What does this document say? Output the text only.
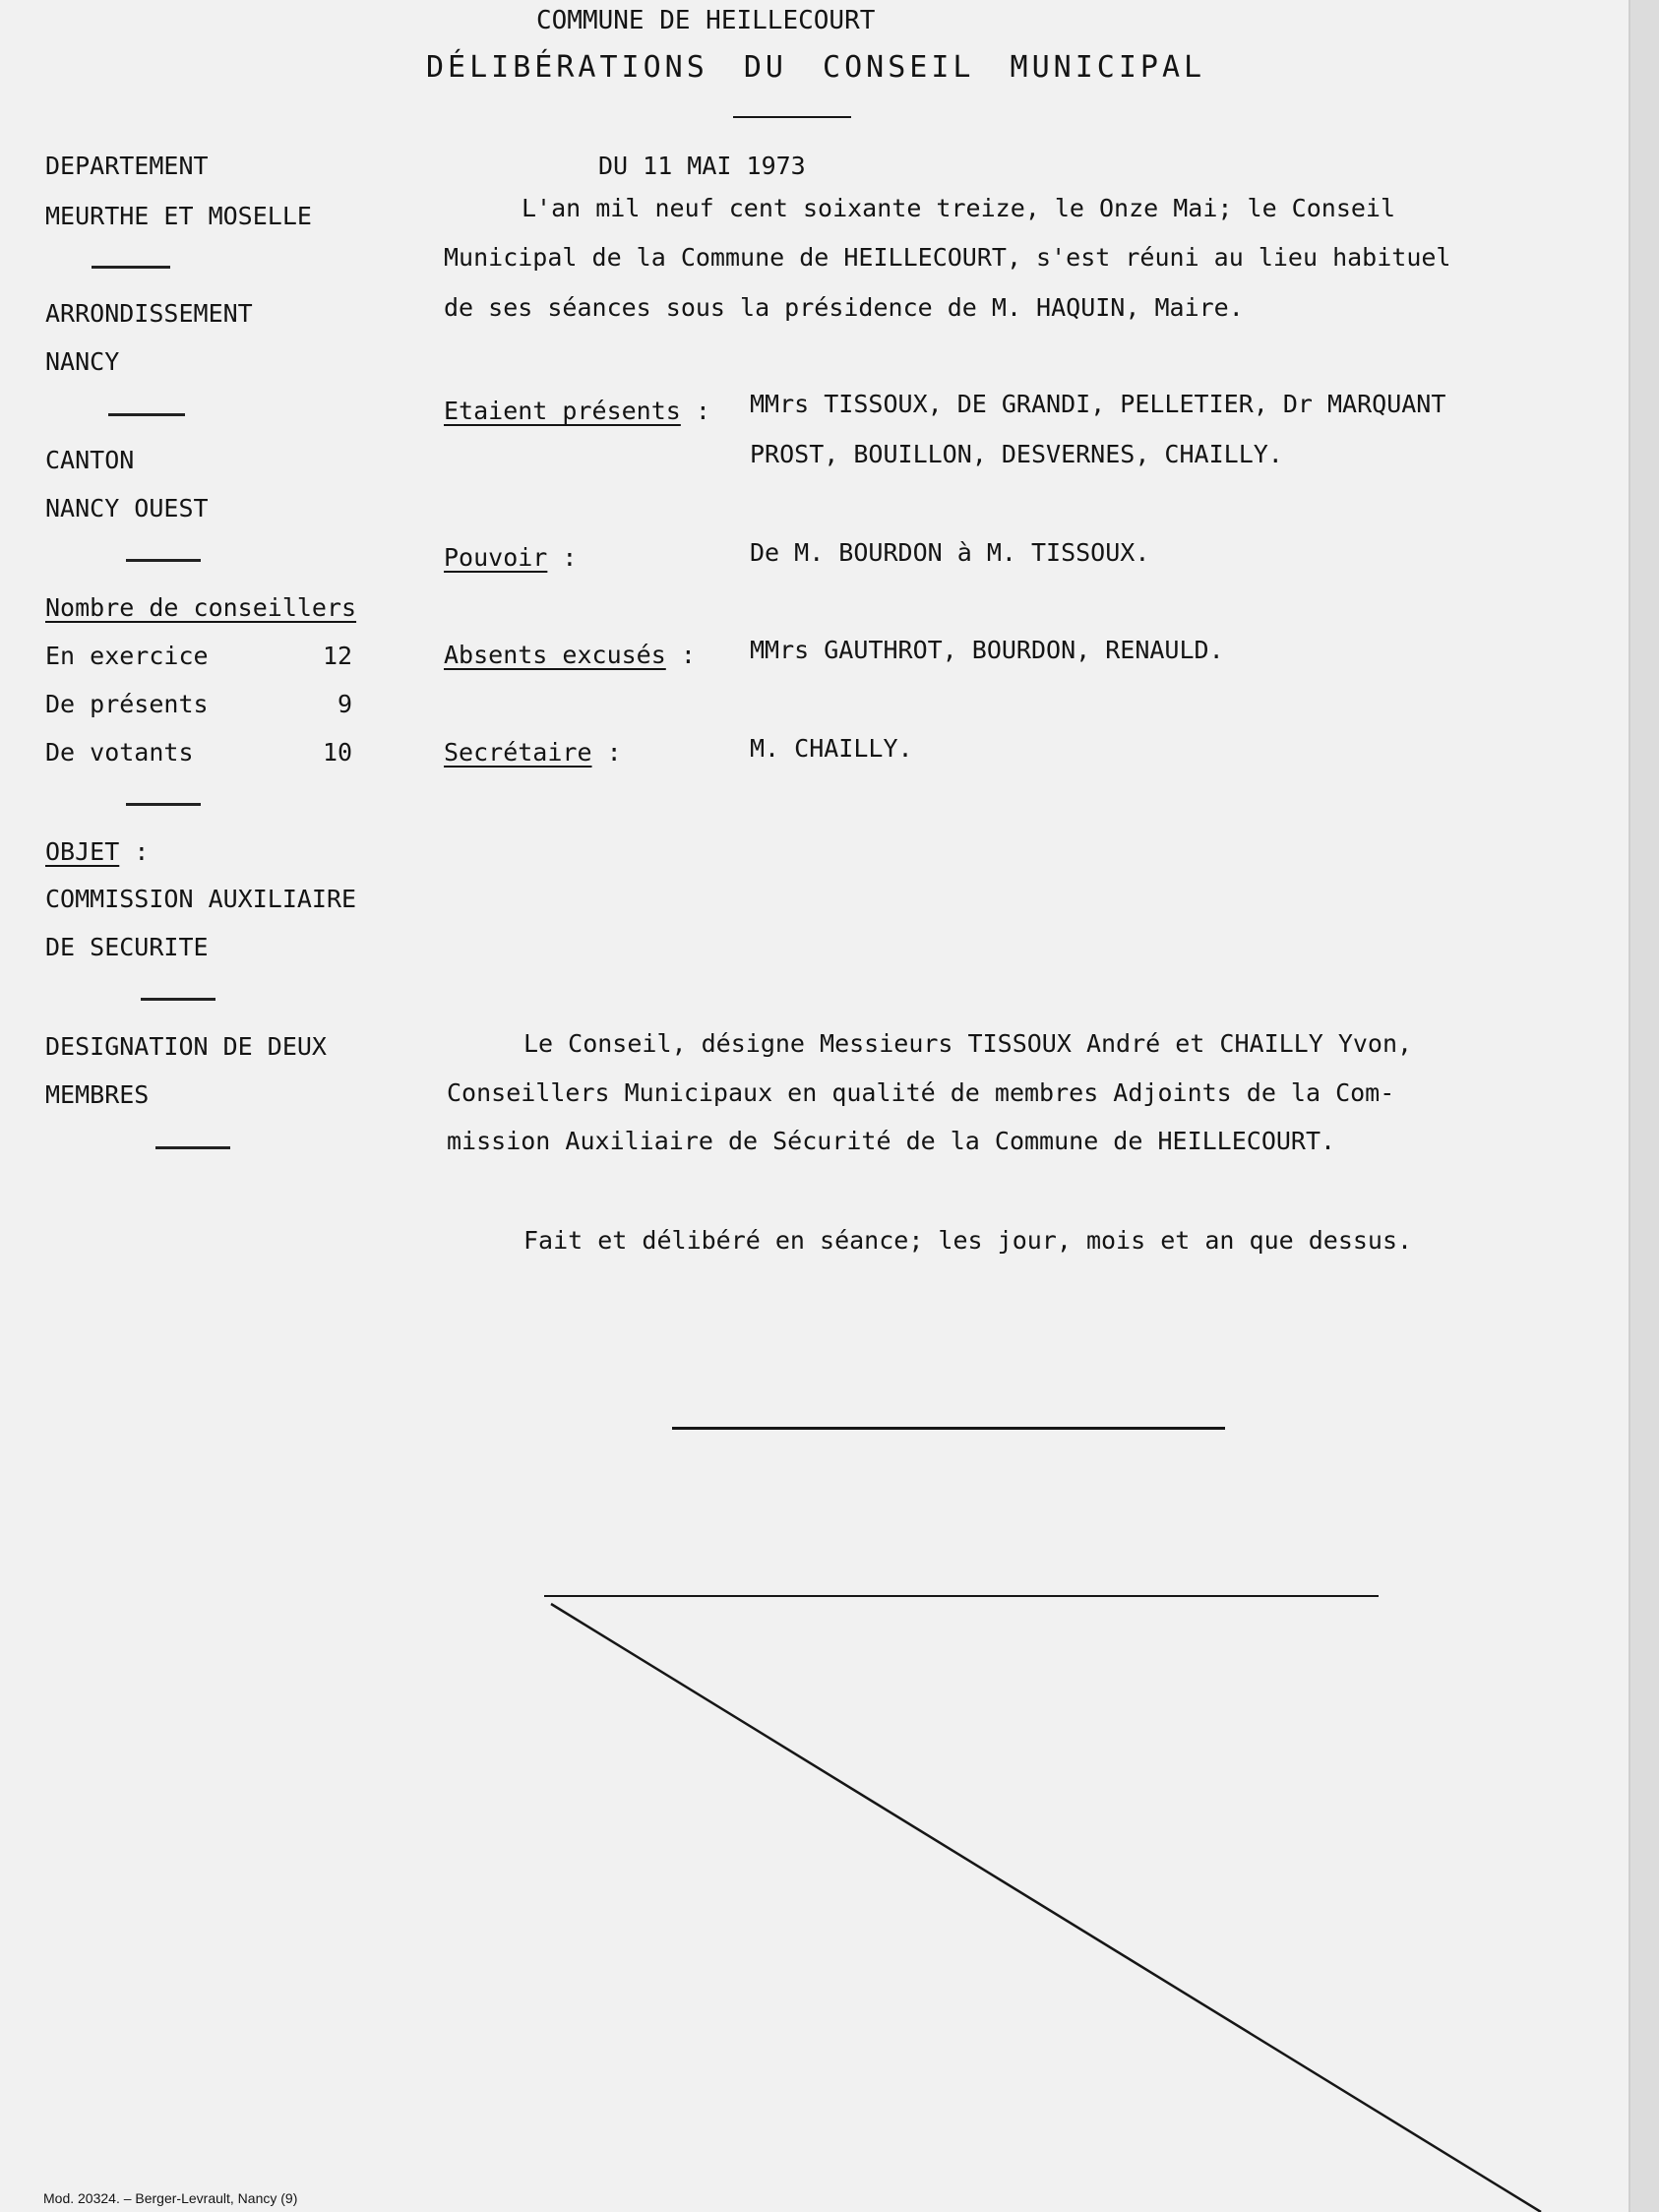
COMMUNE DE HEILLECOURT
DÉLIBÉRATIONS DU CONSEIL MUNICIPAL
DEPARTEMENT
MEURTHE ET MOSELLE
ARRONDISSEMENT
NANCY
CANTON
NANCY OUEST
Nombre de conseillers
En exercice	12
De présents	9
De votants	10
OBJET :
COMMISSION AUXILIAIRE
DE SECURITE
DESIGNATION DE DEUX
MEMBRES
DU 11 MAI 1973
L'an mil neuf cent soixante treize, le Onze Mai; le Conseil
Municipal de la Commune de HEILLECOURT, s'est réuni au lieu habituel
de ses séances sous la présidence de M. HAQUIN, Maire.
Etaient présents : MMrs TISSOUX, DE GRANDI, PELLETIER, Dr MARQUANT
PROST, BOUILLON, DESVERNES, CHAILLY.
Pouvoir :	De M. BOURDON à M. TISSOUX.
Absents excusés : MMrs GAUTHROT, BOURDON, RENAULD.
Secrétaire :	M. CHAILLY.
Le Conseil, désigne Messieurs TISSOUX André et CHAILLY Yvon,
Conseillers Municipaux en qualité de membres Adjoints de la Com-
mission Auxiliaire de Sécurité de la Commune de HEILLECOURT.
Fait et délibéré en séance; les jour, mois et an que dessus.
Mod. 20324. – Berger-Levrault, Nancy (9)
